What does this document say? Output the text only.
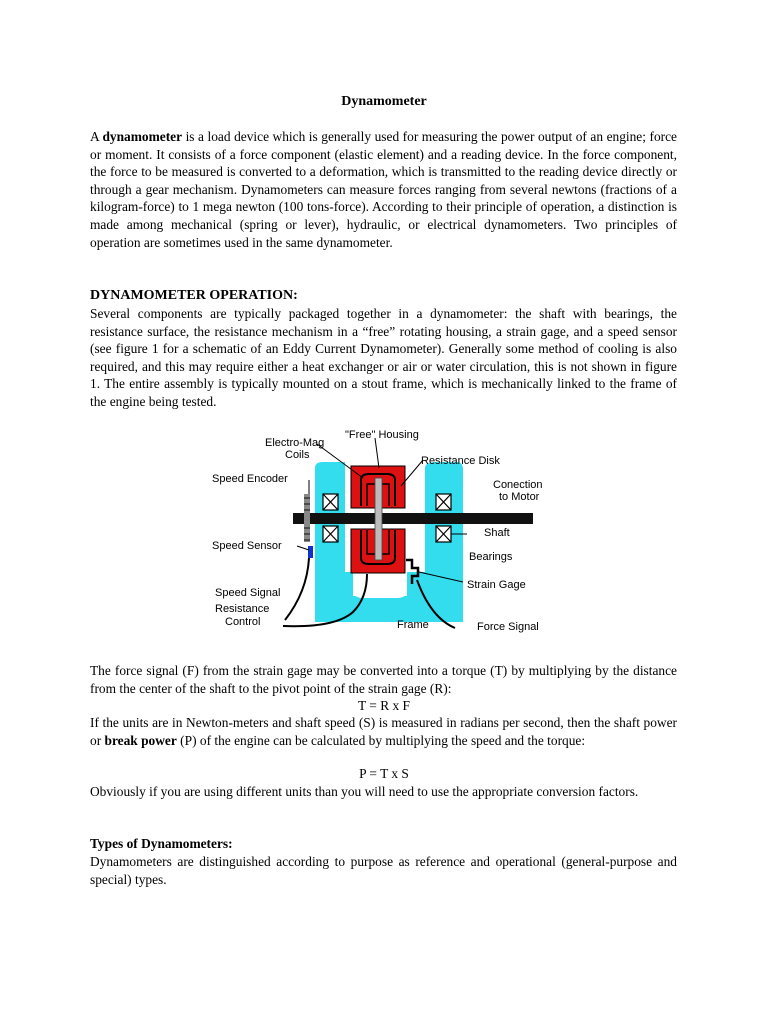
Dynamometer

A dynamometer is a load device which is generally used for measuring the power output of an engine; force or moment. It consists of a force component (elastic element) and a reading device. In the force component, the force to be measured is converted to a deformation, which is transmitted to the reading device directly or through a gear mechanism. Dynamometers can measure forces ranging from several newtons (fractions of a kilogram-force) to 1 mega newton (100 tons-force). According to their principle of operation, a distinction is made among mechanical (spring or lever), hydraulic, or electrical dynamometers. Two principles of operation are sometimes used in the same dynamometer.

DYNAMOMETER OPERATION:

Several components are typically packaged together in a dynamometer: the shaft with bearings, the resistance surface, the resistance mechanism in a “free” rotating housing, a strain gage, and a speed sensor (see figure 1 for a schematic of an Eddy Current Dynamometer). Generally some method of cooling is also required, and this may require either a heat exchanger or air or water circulation, this is not shown in figure 1. The entire assembly is typically mounted on a stout frame, which is mechanically linked to the frame of the engine being tested.

"Free" Housing
Electro-Mag
Coils	Resistance Disk
Speed Encoder	Conection
to Motor
Shaft
Speed Sensor
Bearings
Strain Gage
Speed Signal
Resistance
Control	Frame	Force Signal

The force signal (F) from the strain gage may be converted into a torque (T) by multiplying by the distance from the center of the shaft to the pivot point of the strain gage (R):

T = R x F

If the units are in Newton-meters and shaft speed (S) is measured in radians per second, then the shaft power or break power (P) of the engine can be calculated by multiplying the speed and the torque:

P = T x S

Obviously if you are using different units than you will need to use the appropriate conversion factors.

Types of Dynamometers:

Dynamometers are distinguished according to purpose as reference and operational (general-purpose and special) types.
